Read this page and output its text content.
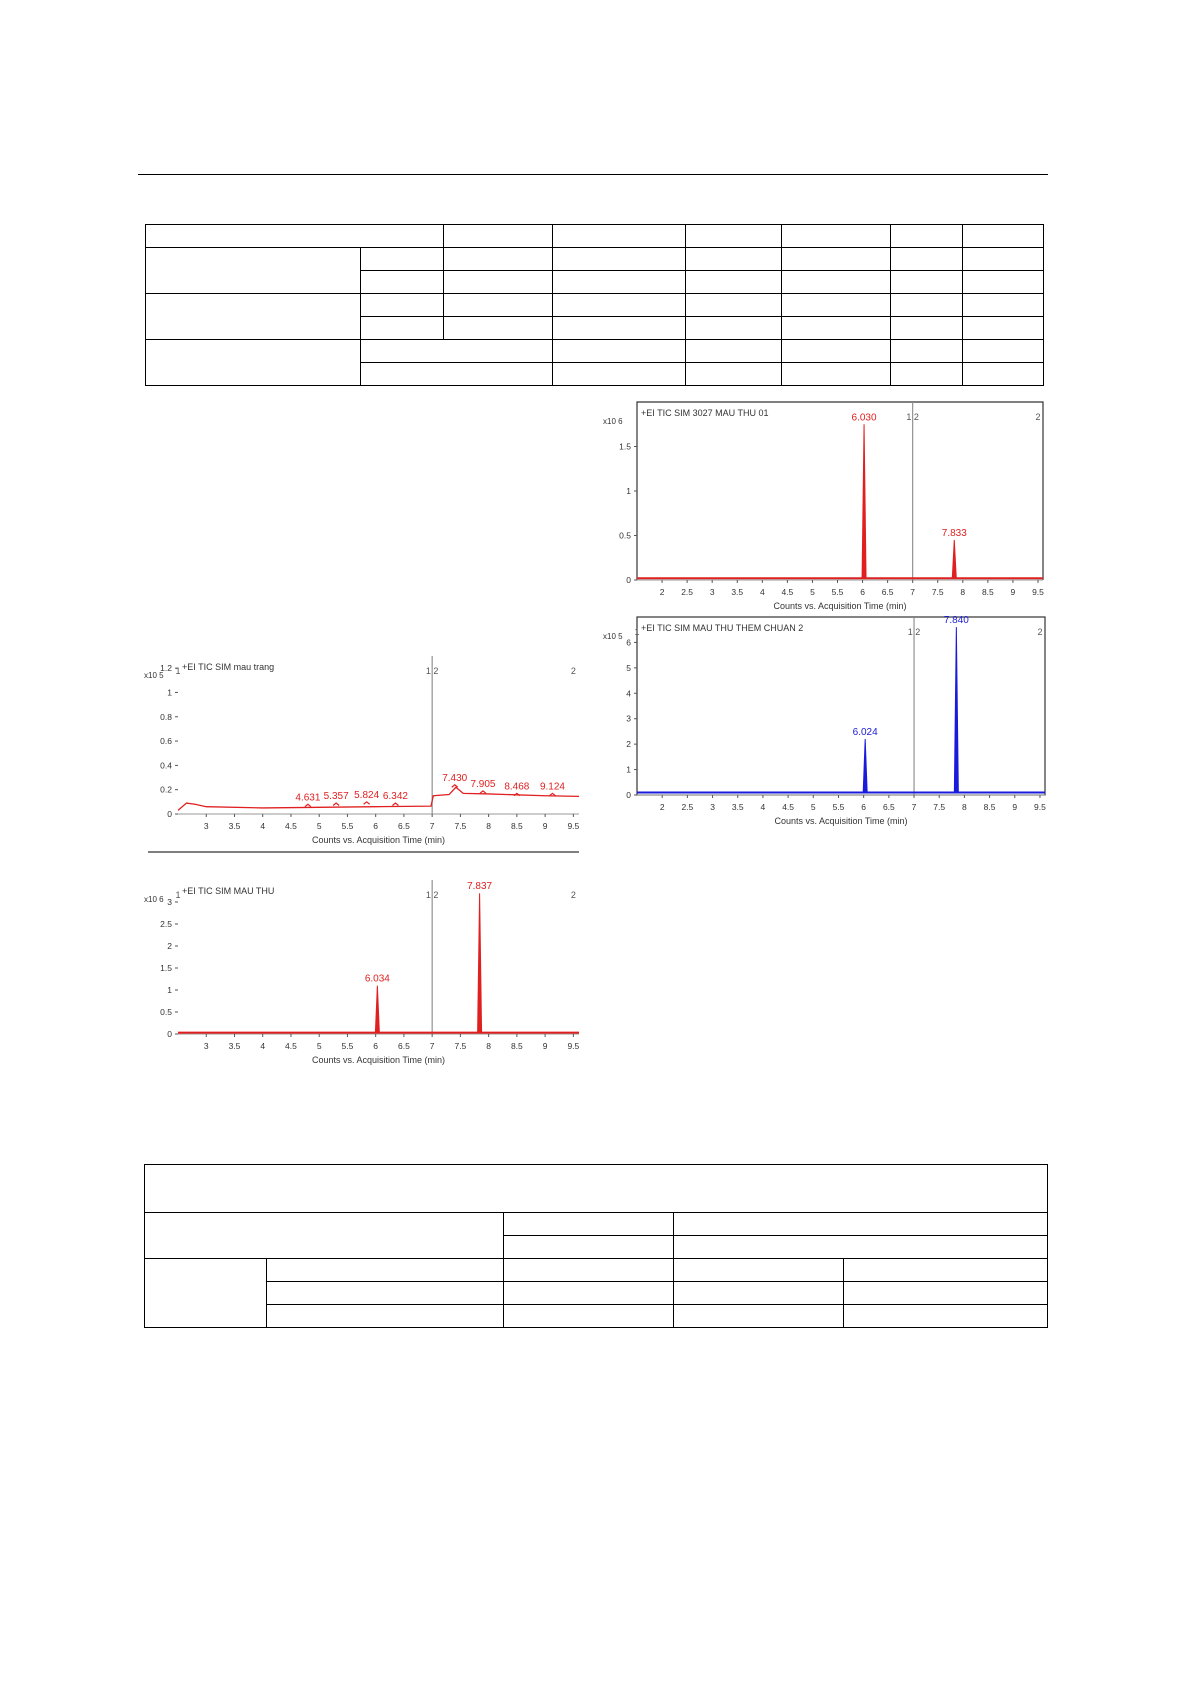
+EI TIC SIM 3027 MAU THU 01
x10 6
0
0.5
1
1.5
2 2.5 3 3.5 4 4.5 5 5.5 6 6.5 7 7.5 8 8.5 9 9.5
Counts vs. Acquisition Time (min)
1 2	2
6.030
7.833
+EI TIC SIM MAU THU THEM CHUAN 2
x10 5
0
1
2
3
4
5
6
2 2.5 3 3.5 4 4.5 5 5.5 6 6.5 7 7.5 8 8.5 9 9.5
Counts vs. Acquisition Time (min)
1	1 2	2
6.024
7.840
+EI TIC SIM mau trang
x10 5
0
0.2
0.4
0.6
0.8
1
1.2
3 3.5 4 4.5 5 5.5 6 6.5 7 7.5 8 8.5 9 9.5
Counts vs. Acquisition Time (min)
1	1 2	2
4.631 5.357 5.824 6.342
7.430
7.905 8.468 9.124
+EI TIC SIM MAU THU
x10 6
0
0.5
1
1.5
2
2.5
3
3 3.5 4 4.5 5 5.5 6 6.5 7 7.5 8 8.5 9 9.5
Counts vs. Acquisition Time (min)
1	1 2	2
6.034
7.837
